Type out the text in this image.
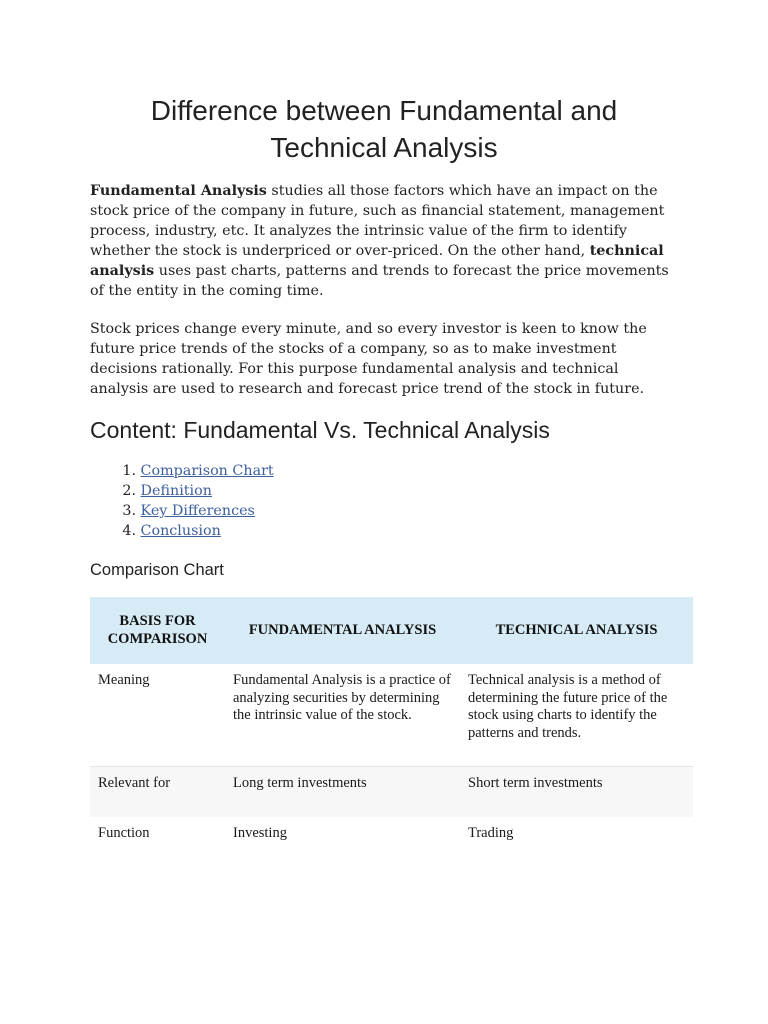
Difference between Fundamental and Technical Analysis

Fundamental Analysis studies all those factors which have an impact on the stock price of the company in future, such as financial statement, management process, industry, etc. It analyzes the intrinsic value of the firm to identify whether the stock is underpriced or over-priced. On the other hand, technical analysis uses past charts, patterns and trends to forecast the price movements of the entity in the coming time.

Stock prices change every minute, and so every investor is keen to know the future price trends of the stocks of a company, so as to make investment decisions rationally. For this purpose fundamental analysis and technical analysis are used to research and forecast price trend of the stock in future.

Content: Fundamental Vs. Technical Analysis
1.
Comparison Chart
2.
Definition
3.
Key Differences
4.
Conclusion
Comparison Chart
BASIS FOR COMPARISON	FUNDAMENTAL ANALYSIS	TECHNICAL ANALYSIS
Meaning	Fundamental Analysis is a practice of analyzing securities by determining the intrinsic value of the stock.	Technical analysis is a method of determining the future price of the stock using charts to identify the patterns and trends.
Relevant for	Long term investments	Short term investments
Function	Investing	Trading
